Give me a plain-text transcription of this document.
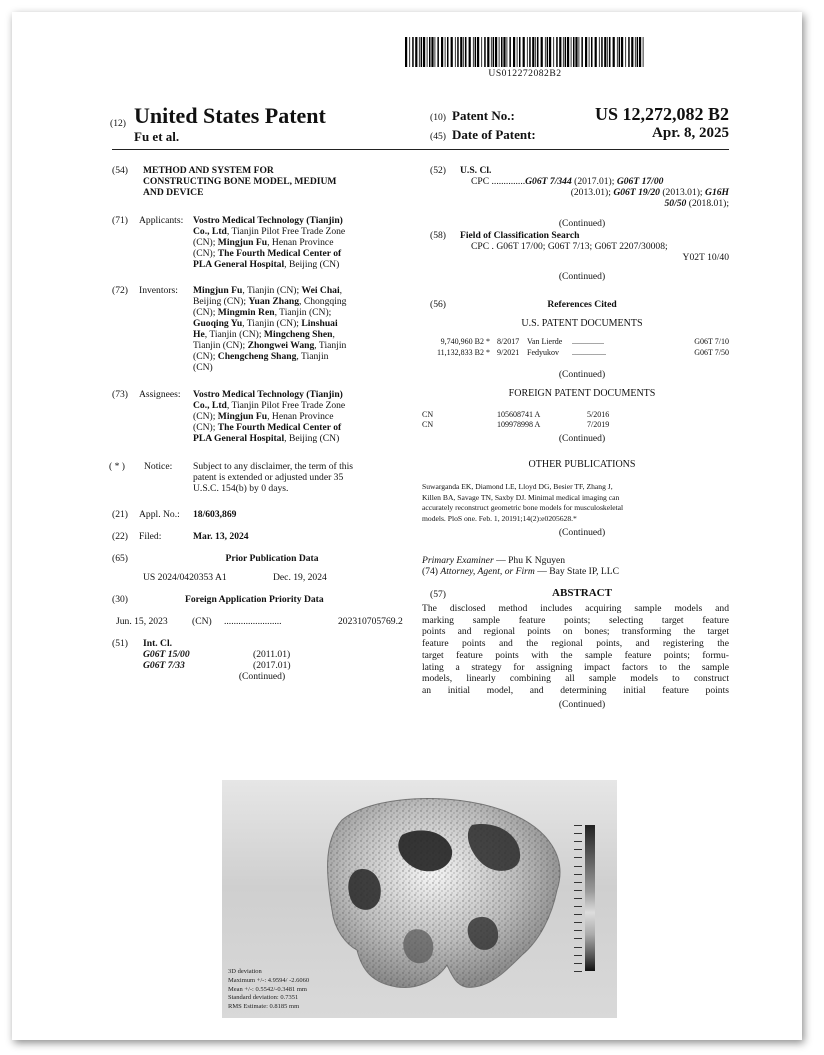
US012272082B2
(12) United States Patent
Fu et al.
(10) Patent No.:	US 12,272,082 B2
(45) Date of Patent:	Apr. 8, 2025
(54) METHOD AND SYSTEM FOR
CONSTRUCTING BONE MODEL, MEDIUM
AND DEVICE
(71) Applicants: Vostro Medical Technology (Tianjin)
Co., Ltd, Tianjin Pilot Free Trade Zone
(CN); Mingjun Fu, Henan Province
(CN); The Fourth Medical Center of
PLA General Hospital, Beijing (CN)
(72) Inventors: Mingjun Fu, Tianjin (CN); Wei Chai,
Beijing (CN); Yuan Zhang, Chongqing
(CN); Mingmin Ren, Tianjin (CN);
Guoqing Yu, Tianjin (CN); Linshuai
He, Tianjin (CN); Mingcheng Shen,
Tianjin (CN); Zhongwei Wang, Tianjin
(CN); Chengcheng Shang, Tianjin
(CN)
(73) Assignees: Vostro Medical Technology (Tianjin)
Co., Ltd, Tianjin Pilot Free Trade Zone
(CN); Mingjun Fu, Henan Province
(CN); The Fourth Medical Center of
PLA General Hospital, Beijing (CN)
( * ) Notice: Subject to any disclaimer, the term of this
patent is extended or adjusted under 35
U.S.C. 154(b) by 0 days.
(21) Appl. No.: 18/603,869
(22) Filed:	Mar. 13, 2024
(65)	Prior Publication Data
US 2024/0420353 A1	Dec. 19, 2024
(30)	Foreign Application Priority Data
Jun. 15, 2023	(CN) ........................	202310705769.2
(51) Int. Cl.
G06T 15/00	(2011.01)
G06T 7/33	(2017.01)
(Continued)
(52) U.S. Cl.
CPC ..............G06T 7/344 (2017.01); G06T 17/00
(2013.01); G06T 19/20 (2013.01); G16H
50/50 (2018.01);
(Continued)
(58) Field of Classification Search
CPC . G06T 17/00; G06T 7/13; G06T 2207/30008;
Y02T 10/40
(Continued)
(56)	References Cited
U.S. PATENT DOCUMENTS
9,740,960 B2 * 8/2017 Van Lierde ................	G06T 7/10
11,132,833 B2 * 9/2021 Fedyukov .................	G06T 7/50
(Continued)
FOREIGN PATENT DOCUMENTS
CN	105608741 A	5/2016
CN	109978998 A	7/2019
(Continued)
OTHER PUBLICATIONS
Suwarganda EK, Diamond LE, Lloyd DG, Besier TF, Zhang J,
Killen BA, Savage TN, Saxby DJ. Minimal medical imaging can
accurately reconstruct geometric bone models for musculoskeletal
models. PloS one. Feb. 1, 20191;14(2):e0205628.*
(Continued)
Primary Examiner — Phu K Nguyen
(74) Attorney, Agent, or Firm — Bay State IP, LLC
(57)	ABSTRACT
The disclosed method includes acquiring sample models and
marking sample feature points; selecting target feature
points and regional points on bones; transforming the target
feature points and the regional points, and registering the
target feature points with the sample feature points; formu-
lating a strategy for assigning impact factors to the sample
models, linearly combining all sample models to construct
an initial model, and determining initial feature points
(Continued)
3D deviation
Maximum +/-: 4.9594/ -2.6060
Mean +/-: 0.5542/-0.3481 mm
Standard deviation: 0.7351
RMS Estimate: 0.8185 mm
